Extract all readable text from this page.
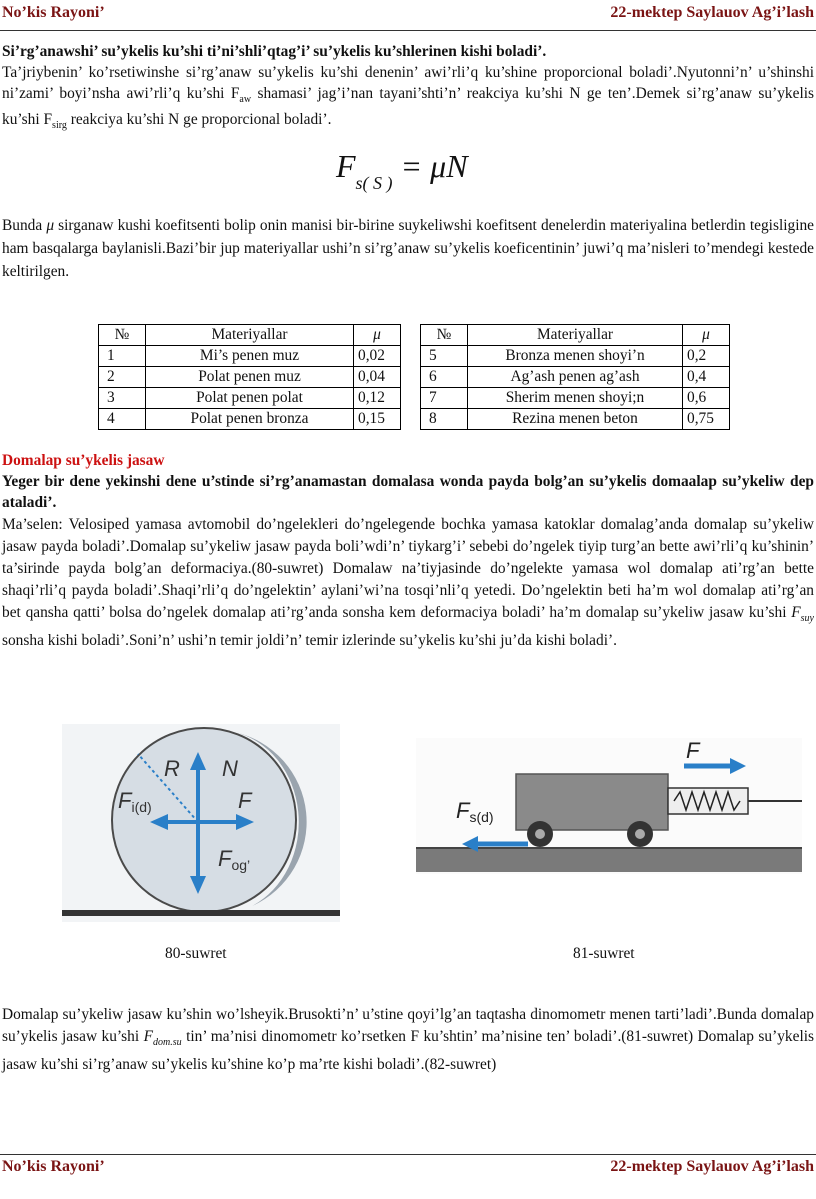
No’kis Rayoni’	22-mektep Saylauov Ag’i’lash
Si’rg’anawshi’ su’ykelis ku’shi ti’ni’shli’qtag’i’ su’ykelis ku’shlerinen kishi boladi’.
Ta’jriybenin’ ko’rsetiwinshe si’rg’anaw su’ykelis ku’shi denenin’ awi’rli’q ku’shine proporcional boladi’.Nyutonni’n’ u’shinshi ni’zami’ boyi’nsha awi’rli’q ku’shi $F_{aw}$ shamasi’ jag’i’nan tayani’shti’n’ reakciya ku’shi N ge ten’.Demek si’rg’anaw su’ykelis ku’shi $F_{sirg}$ reakciya ku’shi N ge proporcional boladi’.
$F_{s( S )} = \mu N$
Bunda μ sirganaw kushi koefitsenti bolip onin manisi bir-birine suykeliwshi koefitsent denelerdin materiyalina betlerdin tegisligine ham basqalarga baylanisli.Bazi’bir jup materiyallar ushi’n si’rg’anaw su’ykelis koeficentinin’ juwi’q ma’nisleri to’mendegi kestede keltirilgen.
№	Materiyallar	μ
1	Mi’s penen muz	0,02
2	Polat penen muz	0,04
3	Polat penen polat	0,12
4	Polat penen bronza	0,15
№	Materiyallar	μ
5	Bronza menen shoyi’n	0,2
6	Ag’ash penen ag’ash	0,4
7	Sherim menen shoyi;n	0,6
8	Rezina menen beton	0,75
Domalap su’ykelis jasaw
Yeger bir dene yekinshi dene u’stinde si’rg’anamastan domalasa wonda payda bolg’an su’ykelis domaalap su’ykeliw dep ataladi’.
Ma’selen: Velosiped yamasa avtomobil do’ngelekleri do’ngelegende bochka yamasa katoklar domalag’anda domalap su’ykeliw jasaw payda boladi’.Domalap su’ykeliw jasaw payda boli’wdi’n’ tiykarg’i’ sebebi do’ngelek tiyip turg’an bette awi’rli’q ku’shinin’ ta’sirinde payda bolg’an deformaciya.(80-suwret) Domalaw na’tiyjasinde do’ngelekte yamasa wol domalap ati’rg’an bette shaqi’rli’q payda boladi’.Shaqi’rli’q do’ngelektin’ aylani’wi’na tosqi’nli’q yetedi. Do’ngelektin beti ha’m wol domalap ati’rg’an bet qansha qatti’ bolsa do’ngelek domalap ati’rg’anda sonsha kem deformaciya boladi’ ha’m domalap su’ykeliw jasaw ku’shi $F_{suy}$ sonsha kishi boladi’.Soni’n’ ushi’n temir joldi’n’ temir izlerinde su’ykelis ku’shi ju’da kishi boladi’.
R N
F
Fi(d)
Fog’
F
Fs(d)
80-suwret	81-suwret
Domalap su’ykeliw jasaw ku’shin wo’lsheyik.Brusokti’n’ u’stine qoyi’lg’an taqtasha dinomometr menen tarti’ladi’.Bunda domalap su’ykelis jasaw ku’shi $F_{dom.su}$ tin’ ma’nisi dinomometr ko’rsetken F ku’shtin’ ma’nisine ten’ boladi’.(81-suwret) Domalap su’ykelis jasaw ku’shi si’rg’anaw su’ykelis ku’shine ko’p ma’rte kishi boladi’.(82-suwret)
No’kis Rayoni’	22-mektep Saylauov Ag’i’lash
